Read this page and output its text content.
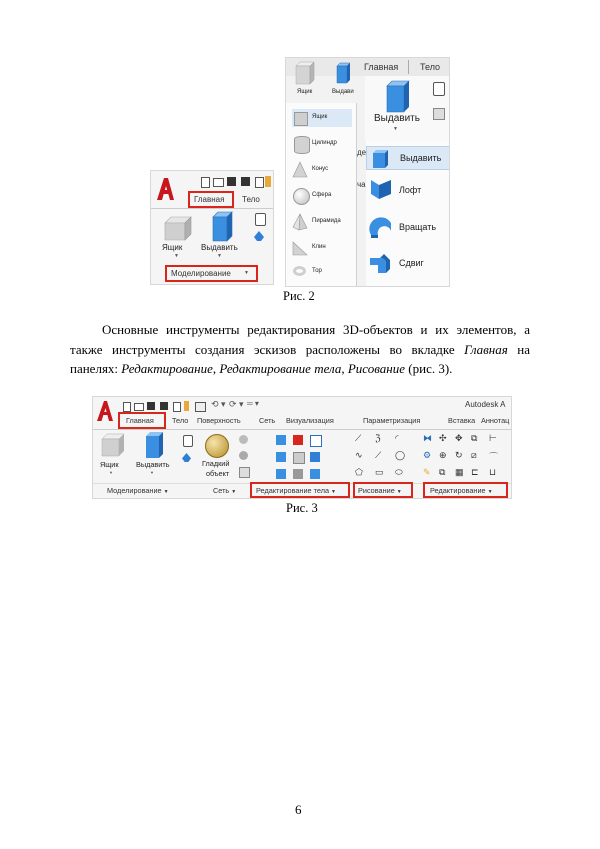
Главная Тело
Ящик
▼
Выдавить
▼
Моделирование	▼
Главная Тело
Ящик	Выдави
Выдавить
▼
Ящик
Цилиндр
Конус
Сфера
Пирамида
Клин
Тор
де
ча
Выдавить
Лофт
Вращать
Сдвиг
Рис. 2
Основные инструменты редактирования 3D-объектов и их элементов, а также инструменты создания эскизов расположены во вкладке Главная на панелях: Редактирование, Редактирование тела, Рисование (рис. 3).
⟲ ▾ ⟳ ▾ ═ ▾	Autodesk A
Главная Тело Поверхность	Сеть Визуализация	Параметризация	Вставка Аннотац
Ящик
▼
Выдавить
▼
Гладкий
объект
⟋ ℨ ◜
∿ ⟋ ◯
⬠ ▭ ⬭
⧓ ✣ ✥ ⧉ ⊢
⚙ ⊕ ↻ ⧄ ⌒
✎ ⧉ ▦ ⊏ ⊔
Моделирование ▼	Сеть ▼	Редактирование тела ▼	Рисование ▼	Редактирование ▼
Рис. 3
6
